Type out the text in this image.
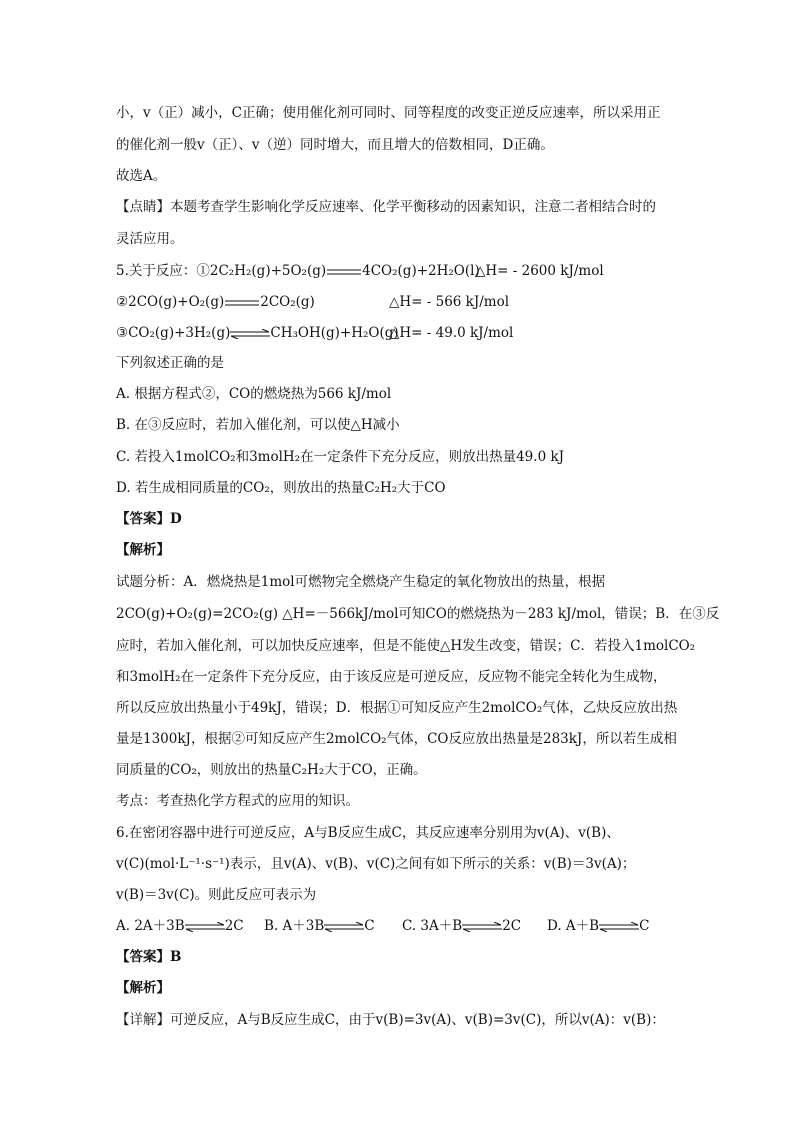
小，v（正）减小，C正确；使用催化剂可同时、同等程度的改变正逆反应速率，所以采用正
的催化剂一般v（正）、v（逆）同时增大，而且增大的倍数相同，D正确。
故选A。
【点睛】本题考查学生影响化学反应速率、化学平衡移动的因素知识，注意二者相结合时的
灵活应用。
5.关于反应：①2C₂H₂(g)+5O₂(g)	4CO₂(g)+2H₂O(l)
△H= - 2600 kJ/mol
②2CO(g)+O₂(g)	2CO₂(g)	△H= - 566 kJ/mol
③CO₂(g)+3H₂(g)⇌CH₃OH(g)+H₂O(g)
△H= - 49.0 kJ/mol
下列叙述正确的是
A. 根据方程式②，CO的燃烧热为566 kJ/mol
B. 在③反应时，若加入催化剂，可以使△H减小
C. 若投入1molCO₂和3molH₂在一定条件下充分反应，则放出热量49.0 kJ
D. 若生成相同质量的CO₂，则放出的热量C₂H₂大于CO
【答案】D
【解析】
试题分析：A．燃烧热是1mol可燃物完全燃烧产生稳定的氧化物放出的热量，根据
2CO(g)+O₂(g)=2CO₂(g) △H=－566kJ/mol可知CO的燃烧热为－283 kJ/mol，错误；B．在③反
应时，若加入催化剂，可以加快反应速率，但是不能使△H发生改变，错误；C．若投入1molCO₂
和3molH₂在一定条件下充分反应，由于该反应是可逆反应，反应物不能完全转化为生成物，
所以反应放出热量小于49kJ，错误；D．根据①可知反应产生2molCO₂气体，乙炔反应放出热
量是1300kJ，根据②可知反应产生2molCO₂气体，CO反应放出热量是283kJ，所以若生成相
同质量的CO₂，则放出的热量C₂H₂大于CO，正确。
考点：考查热化学方程式的应用的知识。
6.在密闭容器中进行可逆反应，A与B反应生成C，其反应速率分别用为v(A)、v(B)、
v(C)(mol·L⁻¹·s⁻¹)表示，且v(A)、v(B)、v(C)之间有如下所示的关系：v(B)＝3v(A)；
v(B)＝3v(C)。则此反应可表示为
A. 2A＋3B⇌2C B. A＋3B⇌C C. 3A＋B⇌2C D. A＋B⇌C
【答案】B
【解析】
【详解】可逆反应，A与B反应生成C，由于v(B)=3v(A)、v(B)=3v(C)，所以v(A)：v(B)：
